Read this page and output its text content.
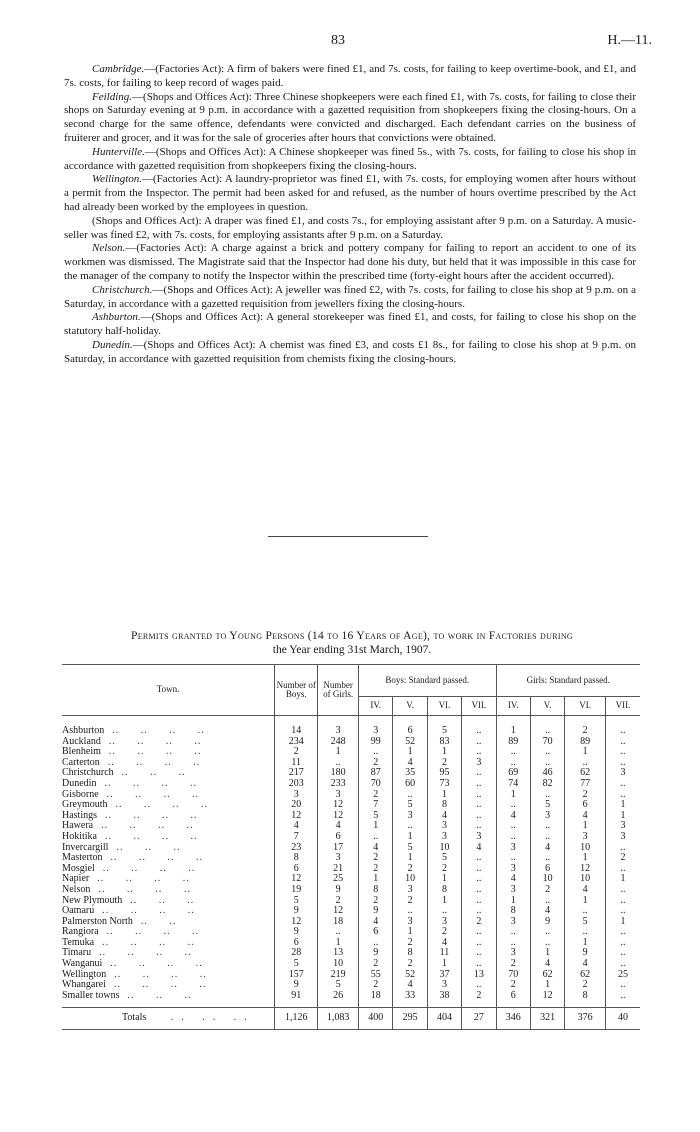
83	H.—11.

Cambridge.—(Factories Act): A firm of bakers were fined £1, and 7s. costs, for failing to keep overtime-book, and £1, and 7s. costs, for failing to keep record of wages paid.

Feilding.—(Shops and Offices Act): Three Chinese shopkeepers were each fined £1, with 7s. costs, for failing to close their shops on Saturday evening at 9 p.m. in accordance with a gazetted requisition from shopkeepers fixing the closing-hours. On a second charge for the same offence, defendants were convicted and discharged. Each defendant carries on the business of fruiterer and grocer, and it was for the sale of groceries after hours that convictions were obtained.

Hunterville.—(Shops and Offices Act): A Chinese shopkeeper was fined 5s., with 7s. costs, for failing to close his shop in accordance with gazetted requisition from shopkeepers fixing the closing-hours.

Wellington.—(Factories Act): A laundry-proprietor was fined £1, with 7s. costs, for employing women after hours without a permit from the Inspector. The permit had been asked for and refused, as the number of hours overtime prescribed by the Act had already been worked by the employees in question.

(Shops and Offices Act): A draper was fined £1, and costs 7s., for employing assistant after 9 p.m. on a Saturday. A music-seller was fined £2, with 7s. costs, for employing assistants after 9 p.m. on a Saturday.

Nelson.—(Factories Act): A charge against a brick and pottery company for failing to report an accident to one of its workmen was dismissed. The Magistrate said that the Inspector had done his duty, but held that it was impossible in this case for the manager of the company to notify the Inspector within the prescribed time (forty-eight hours after the accident occurred).

Christchurch.—(Shops and Offices Act): A jeweller was fined £2, with 7s. costs, for failing to close his shop at 9 p.m. on a Saturday, in accordance with a gazetted requisition from jewellers fixing the closing-hours.

Ashburton.—(Shops and Offices Act): A general storekeeper was fined £1, and costs, for failing to close his shop on the statutory half-holiday.

Dunedin.—(Shops and Offices Act): A chemist was fined £3, and costs £1 8s., for failing to close his shop at 9 p.m. on Saturday, in accordance with gazetted requisition from chemists fixing the closing-hours.

Permits granted to Young Persons (14 to 16 Years of Age), to work in Factories during
the Year ending 31st March, 1907.
Town.	Number of Boys.	Number of Girls.	Boys: Standard passed.				Girls: Standard passed.			
			IV.	V.	VI.	VII.	IV.	V.	VI.	VII.
Ashburton .. .. .. ..	14	3	3	6	5	..	1	..	2	..
Auckland .. .. .. ..	234	248	99	52	83	..	89	70	89	..
Blenheim .. .. .. ..	2	1	..	1	1	..	..	..	1	..
Carterton .. .. .. ..	11	..	2	4	2	3	..	..	..	..
Christchurch .. .. ..	217	180	87	35	95	..	69	46	62	3
Dunedin .. .. .. ..	203	233	70	60	73	..	74	82	77	..
Gisborne .. .. .. ..	3	3	2	..	1	..	1	..	2	..
Greymouth .. .. .. ..	20	12	7	5	8	..	..	5	6	1
Hastings .. .. .. ..	12	12	5	3	4	..	4	3	4	1
Hawera .. .. .. ..	4	4	1	..	3	..	..	..	1	3
Hokitika .. .. .. ..	7	6	..	1	3	3	..	..	3	3
Invercargill .. .. ..	23	17	4	5	10	4	3	4	10	..
Masterton .. .. .. ..	8	3	2	1	5	..	..	..	1	2
Mosgiel .. .. .. ..	6	21	2	2	2	..	3	6	12	..
Napier .. .. .. ..	12	25	1	10	1	..	4	10	10	1
Nelson .. .. .. ..	19	9	8	3	8	..	3	2	4	..
New Plymouth .. .. ..	5	2	2	2	1	..	1	..	1	..
Oamaru .. .. .. ..	9	12	9	..	..	..	8	4	..	..
Palmerston North .. ..	12	18	4	3	3	2	3	9	5	1
Rangiora .. .. .. ..	9	..	6	1	2	..	..	..	..	..
Temuka .. .. .. ..	6	1	..	2	4	..	..	..	1	..
Timaru .. .. .. ..	28	13	9	8	11	..	3	1	9	..
Wanganui .. .. .. ..	5	10	2	2	1	..	2	4	4	..
Wellington .. .. .. ..	157	219	55	52	37	13	70	62	62	25
Whangarei .. .. .. ..	9	5	2	4	3	..	2	1	2	..
Smaller towns .. .. ..	91	26	18	33	38	2	6	12	8	..
Totals .. .. ..	1,126	1,083	400	295	404	27	346	321	376	40
